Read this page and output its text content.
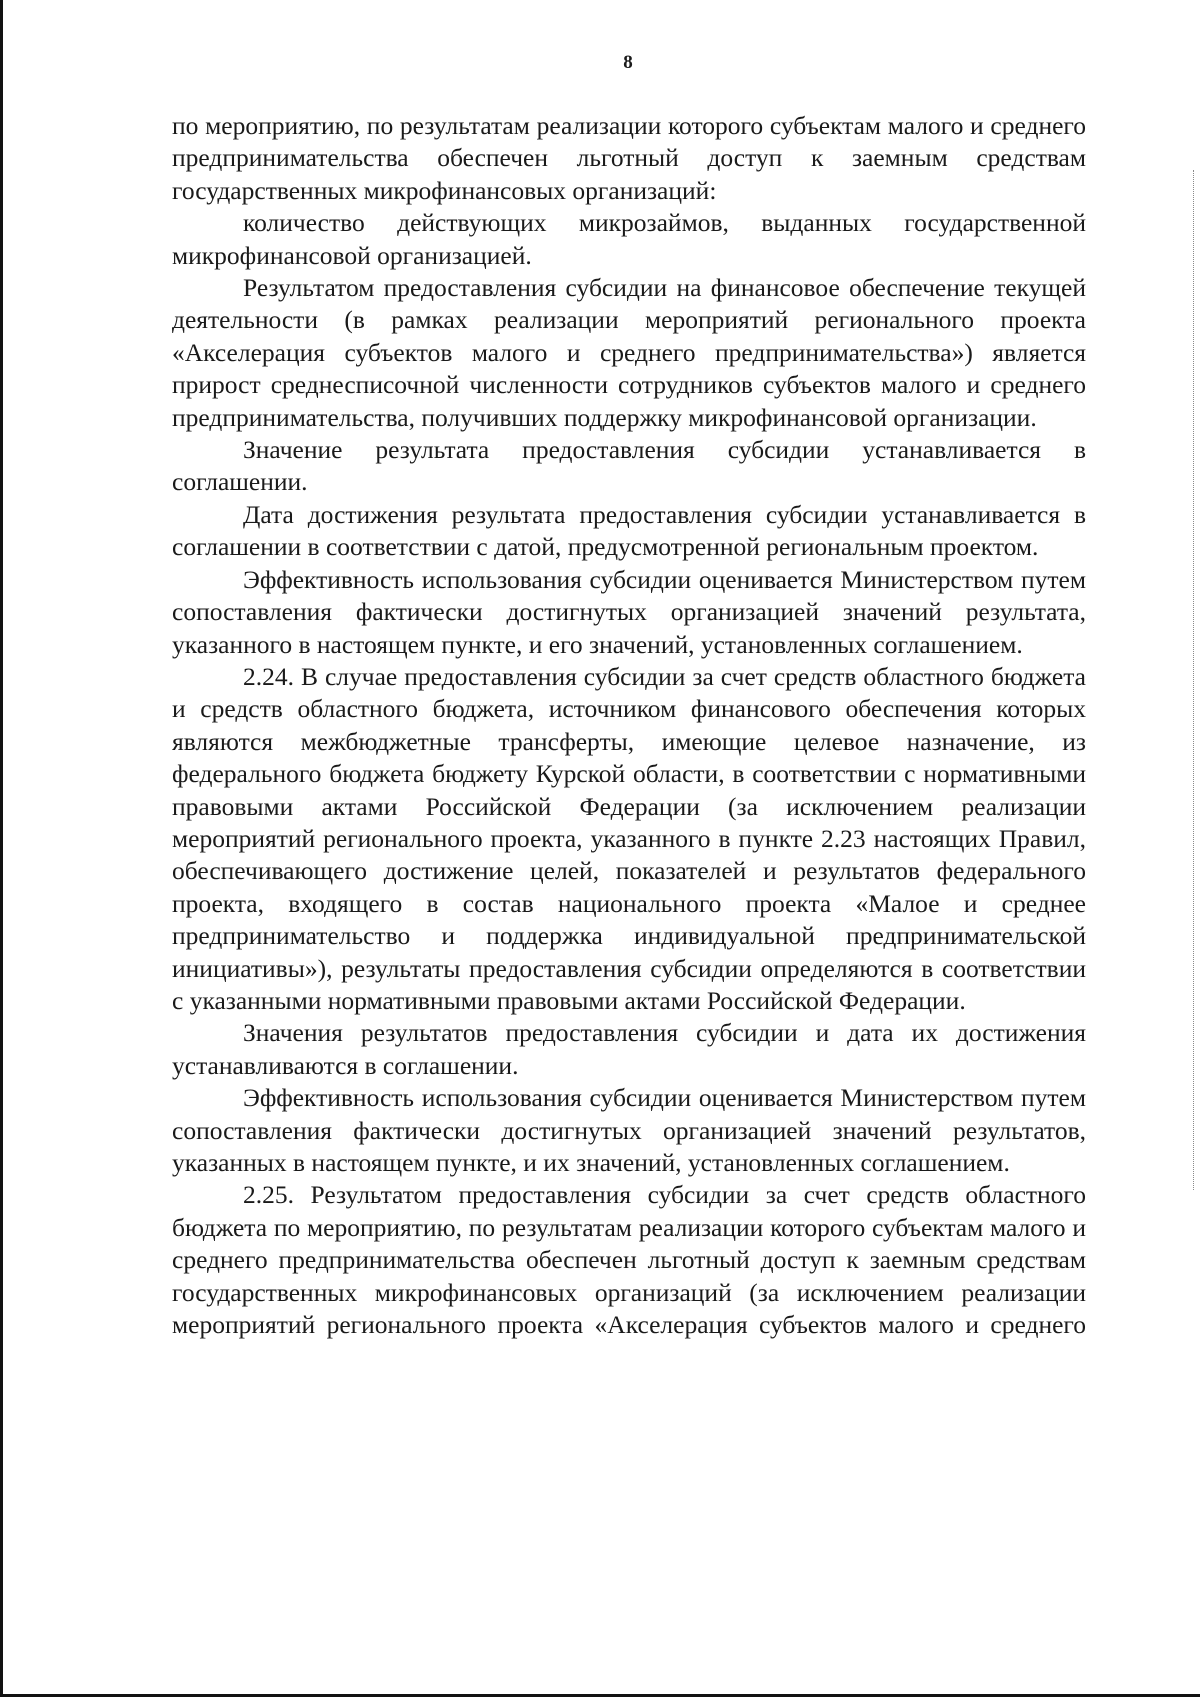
8

по мероприятию, по результатам реализации которого субъектам малого и среднего предпринимательства обеспечен льготный доступ к заемным средствам государственных микрофинансовых организаций:

количество действующих микрозаймов, выданных государственной микрофинансовой организацией.

Результатом предоставления субсидии на финансовое обеспечение текущей деятельности (в рамках реализации мероприятий регионального проекта «Акселерация субъектов малого и среднего предпринимательства») является прирост среднесписочной численности сотрудников субъектов малого и среднего предпринимательства, получивших поддержку микрофинансовой организации.

Значение результата предоставления субсидии устанавливается в соглашении.

Дата достижения результата предоставления субсидии устанавливается в соглашении в соответствии с датой, предусмотренной региональным проектом.

Эффективность использования субсидии оценивается Министерством путем сопоставления фактически достигнутых организацией значений результата, указанного в настоящем пункте, и его значений, установленных соглашением.

2.24. В случае предоставления субсидии за счет средств областного бюджета и средств областного бюджета, источником финансового обеспечения которых являются межбюджетные трансферты, имеющие целевое назначение, из федерального бюджета бюджету Курской области, в соответствии с нормативными правовыми актами Российской Федерации (за исключением реализации мероприятий регионального проекта, указанного в пункте 2.23 настоящих Правил, обеспечивающего достижение целей, показателей и результатов федерального проекта, входящего в состав национального проекта «Малое и среднее предпринимательство и поддержка индивидуальной предпринимательской инициативы»), результаты предоставления субсидии определяются в соответствии с указанными нормативными правовыми актами Российской Федерации.

Значения результатов предоставления субсидии и дата их достижения устанавливаются в соглашении.

Эффективность использования субсидии оценивается Министерством путем сопоставления фактически достигнутых организацией значений результатов, указанных в настоящем пункте, и их значений, установленных соглашением.

2.25. Результатом предоставления субсидии за счет средств областного бюджета по мероприятию, по результатам реализации которого субъектам малого и среднего предпринимательства обеспечен льготный доступ к заемным средствам государственных микрофинансовых организаций (за исключением реализации мероприятий регионального проекта «Акселерация субъектов малого и среднего
